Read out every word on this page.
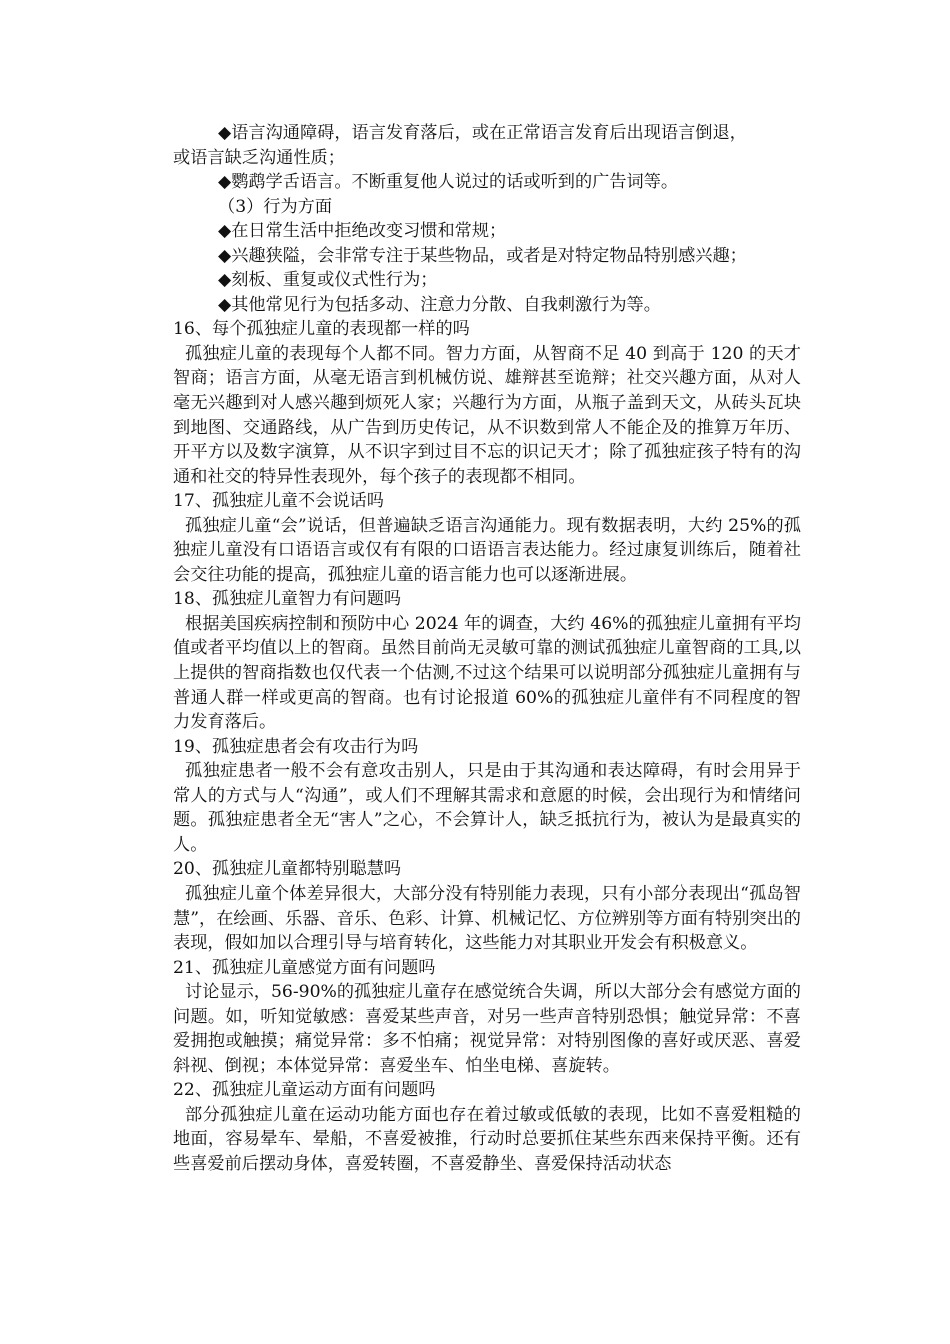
◆语言沟通障碍，语言发育落后，或在正常语言发育后出现语言倒退，

或语言缺乏沟通性质；

◆鹦鹉学舌语言。不断重复他人说过的话或听到的广告词等。

（3）行为方面

◆在日常生活中拒绝改变习惯和常规；

◆兴趣狭隘，会非常专注于某些物品，或者是对特定物品特别感兴趣；

◆刻板、重复或仪式性行为；

◆其他常见行为包括多动、注意力分散、自我刺激行为等。

16、每个孤独症儿童的表现都一样的吗

孤独症儿童的表现每个人都不同。智力方面，从智商不足 40 到高于 120 的天才智商；语言方面，从毫无语言到机械仿说、雄辩甚至诡辩；社交兴趣方面，从对人毫无兴趣到对人感兴趣到烦死人家；兴趣行为方面，从瓶子盖到天文，从砖头瓦块到地图、交通路线，从广告到历史传记，从不识数到常人不能企及的推算万年历、开平方以及数字演算，从不识字到过目不忘的识记天才；除了孤独症孩子特有的沟通和社交的特异性表现外，每个孩子的表现都不相同。

17、孤独症儿童不会说话吗

孤独症儿童“会”说话，但普遍缺乏语言沟通能力。现有数据表明，大约 25%的孤独症儿童没有口语语言或仅有有限的口语语言表达能力。经过康复训练后，随着社会交往功能的提高，孤独症儿童的语言能力也可以逐渐进展。

18、孤独症儿童智力有问题吗

根据美国疾病控制和预防中心 2024 年的调查，大约 46%的孤独症儿童拥有平均值或者平均值以上的智商。虽然目前尚无灵敏可靠的测试孤独症儿童智商的工具,以上提供的智商指数也仅代表一个估测,不过这个结果可以说明部分孤独症儿童拥有与普通人群一样或更高的智商。也有讨论报道 60%的孤独症儿童伴有不同程度的智力发育落后。

19、孤独症患者会有攻击行为吗

孤独症患者一般不会有意攻击别人，只是由于其沟通和表达障碍，有时会用异于常人的方式与人“沟通”，或人们不理解其需求和意愿的时候，会出现行为和情绪问题。孤独症患者全无“害人”之心，不会算计人，缺乏抵抗行为，被认为是最真实的人。

20、孤独症儿童都特别聪慧吗

孤独症儿童个体差异很大，大部分没有特别能力表现，只有小部分表现出“孤岛智慧”，在绘画、乐器、音乐、色彩、计算、机械记忆、方位辨别等方面有特别突出的表现，假如加以合理引导与培育转化，这些能力对其职业开发会有积极意义。

21、孤独症儿童感觉方面有问题吗

讨论显示，56-90%的孤独症儿童存在感觉统合失调，所以大部分会有感觉方面的问题。如，听知觉敏感：喜爱某些声音，对另一些声音特别恐惧；触觉异常：不喜爱拥抱或触摸；痛觉异常：多不怕痛；视觉异常：对特别图像的喜好或厌恶、喜爱斜视、倒视；本体觉异常：喜爱坐车、怕坐电梯、喜旋转。

22、孤独症儿童运动方面有问题吗

部分孤独症儿童在运动功能方面也存在着过敏或低敏的表现，比如不喜爱粗糙的地面，容易晕车、晕船，不喜爱被推，行动时总要抓住某些东西来保持平衡。还有些喜爱前后摆动身体，喜爱转圈，不喜爱静坐、喜爱保持活动状态
